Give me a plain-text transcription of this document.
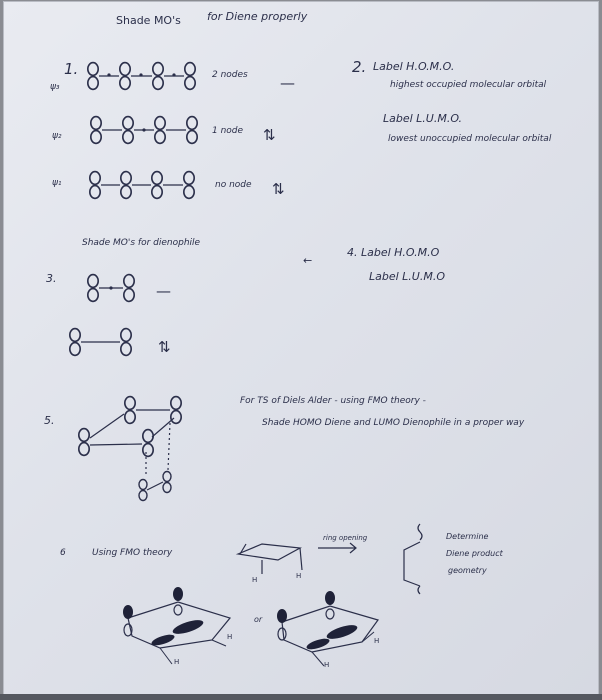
Shade MO's for Diene properly
1.
ψ₃
2 nodes —
ψ₂	1 node ⇅
ψ₁	no node ⇅
2. Label H.O.M.O.
highest occupied molecular orbital
Label L.U.M.O.
lowest unoccupied molecular orbital
Shade MO's for dienophile
3.
—
⇅
←
4. Label H.O.M.O
Label L.U.M.O
5.
For TS of Diels Alder - using FMO theory -
Shade HOMO Diene and LUMO Dienophile in a proper way
6	Using FMO theory
ring opening	Determine
Diene product
geometry
or
H	H
H
H
H
H
